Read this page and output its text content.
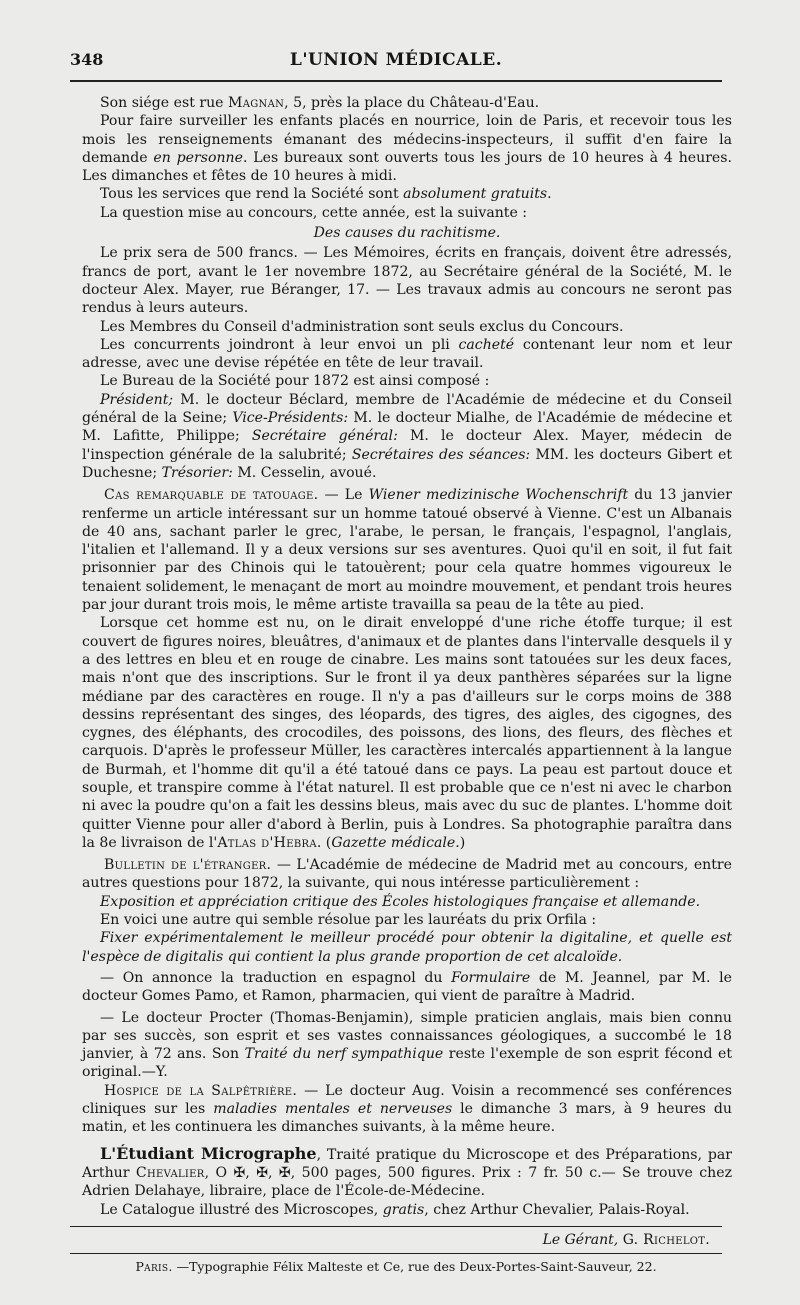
348	L'UNION MÉDICALE.

Son siége est rue Magnan, 5, près la place du Château-d'Eau.

Pour faire surveiller les enfants placés en nourrice, loin de Paris, et recevoir tous les mois les renseignements émanant des médecins-inspecteurs, il suffit d'en faire la demande en personne. Les bureaux sont ouverts tous les jours de 10 heures à 4 heures. Les dimanches et fêtes de 10 heures à midi.

Tous les services que rend la Société sont absolument gratuits.

La question mise au concours, cette année, est la suivante :

Des causes du rachitisme.

Le prix sera de 500 francs. — Les Mémoires, écrits en français, doivent être adressés, francs de port, avant le 1er novembre 1872, au Secrétaire général de la Société, M. le docteur Alex. Mayer, rue Béranger, 17. — Les travaux admis au concours ne seront pas rendus à leurs auteurs.

Les Membres du Conseil d'administration sont seuls exclus du Concours.

Les concurrents joindront à leur envoi un pli cacheté contenant leur nom et leur adresse, avec une devise répétée en tête de leur travail.

Le Bureau de la Société pour 1872 est ainsi composé :

Président; M. le docteur Béclard, membre de l'Académie de médecine et du Conseil général de la Seine; Vice-Présidents: M. le docteur Mialhe, de l'Académie de médecine et M. Lafitte, Philippe; Secrétaire général: M. le docteur Alex. Mayer, médecin de l'inspection générale de la salubrité; Secrétaires des séances: MM. les docteurs Gibert et Duchesne; Trésorier: M. Cesselin, avoué.

Cas remarquable de tatouage. — Le Wiener medizinische Wochenschrift du 13 janvier renferme un article intéressant sur un homme tatoué observé à Vienne. C'est un Albanais de 40 ans, sachant parler le grec, l'arabe, le persan, le français, l'espagnol, l'anglais, l'italien et l'allemand. Il y a deux versions sur ses aventures. Quoi qu'il en soit, il fut fait prisonnier par des Chinois qui le tatouèrent; pour cela quatre hommes vigoureux le tenaient solidement, le menaçant de mort au moindre mouvement, et pendant trois heures par jour durant trois mois, le même artiste travailla sa peau de la tête au pied.

Lorsque cet homme est nu, on le dirait enveloppé d'une riche étoffe turque; il est couvert de figures noires, bleuâtres, d'animaux et de plantes dans l'intervalle desquels il y a des lettres en bleu et en rouge de cinabre. Les mains sont tatouées sur les deux faces, mais n'ont que des inscriptions. Sur le front il ya deux panthères séparées sur la ligne médiane par des caractères en rouge. Il n'y a pas d'ailleurs sur le corps moins de 388 dessins représentant des singes, des léopards, des tigres, des aigles, des cigognes, des cygnes, des éléphants, des crocodiles, des poissons, des lions, des fleurs, des flèches et carquois. D'après le professeur Müller, les caractères intercalés appartiennent à la langue de Burmah, et l'homme dit qu'il a été tatoué dans ce pays. La peau est partout douce et souple, et transpire comme à l'état naturel. Il est probable que ce n'est ni avec le charbon ni avec la poudre qu'on a fait les dessins bleus, mais avec du suc de plantes. L'homme doit quitter Vienne pour aller d'abord à Berlin, puis à Londres. Sa photographie paraîtra dans la 8e livraison de l'Atlas d'Hebra. (Gazette médicale.)

Bulletin de l'étranger. — L'Académie de médecine de Madrid met au concours, entre autres questions pour 1872, la suivante, qui nous intéresse particulièrement :

Exposition et appréciation critique des Écoles histologiques française et allemande.

En voici une autre qui semble résolue par les lauréats du prix Orfila :

Fixer expérimentalement le meilleur procédé pour obtenir la digitaline, et quelle est l'espèce de digitalis qui contient la plus grande proportion de cet alcaloïde.

— On annonce la traduction en espagnol du Formulaire de M. Jeannel, par M. le docteur Gomes Pamo, et Ramon, pharmacien, qui vient de paraître à Madrid.

— Le docteur Procter (Thomas-Benjamin), simple praticien anglais, mais bien connu par ses succès, son esprit et ses vastes connaissances géologiques, a succombé le 18 janvier, à 72 ans. Son Traité du nerf sympathique reste l'exemple de son esprit fécond et original.—Y.

Hospice de la Salpêtrière. — Le docteur Aug. Voisin a recommencé ses conférences cliniques sur les maladies mentales et nerveuses le dimanche 3 mars, à 9 heures du matin, et les continuera les dimanches suivants, à la même heure.

L'Étudiant Micrographe, Traité pratique du Microscope et des Préparations, par Arthur Chevalier, O ✠, ✠, ✠, 500 pages, 500 figures. Prix : 7 fr. 50 c.— Se trouve chez Adrien Delahaye, libraire, place de l'École-de-Médecine.

Le Catalogue illustré des Microscopes, gratis, chez Arthur Chevalier, Palais-Royal.

Le Gérant, G. Richelot.
Paris. —Typographie Félix Malteste et Ce, rue des Deux-Portes-Saint-Sauveur, 22.
